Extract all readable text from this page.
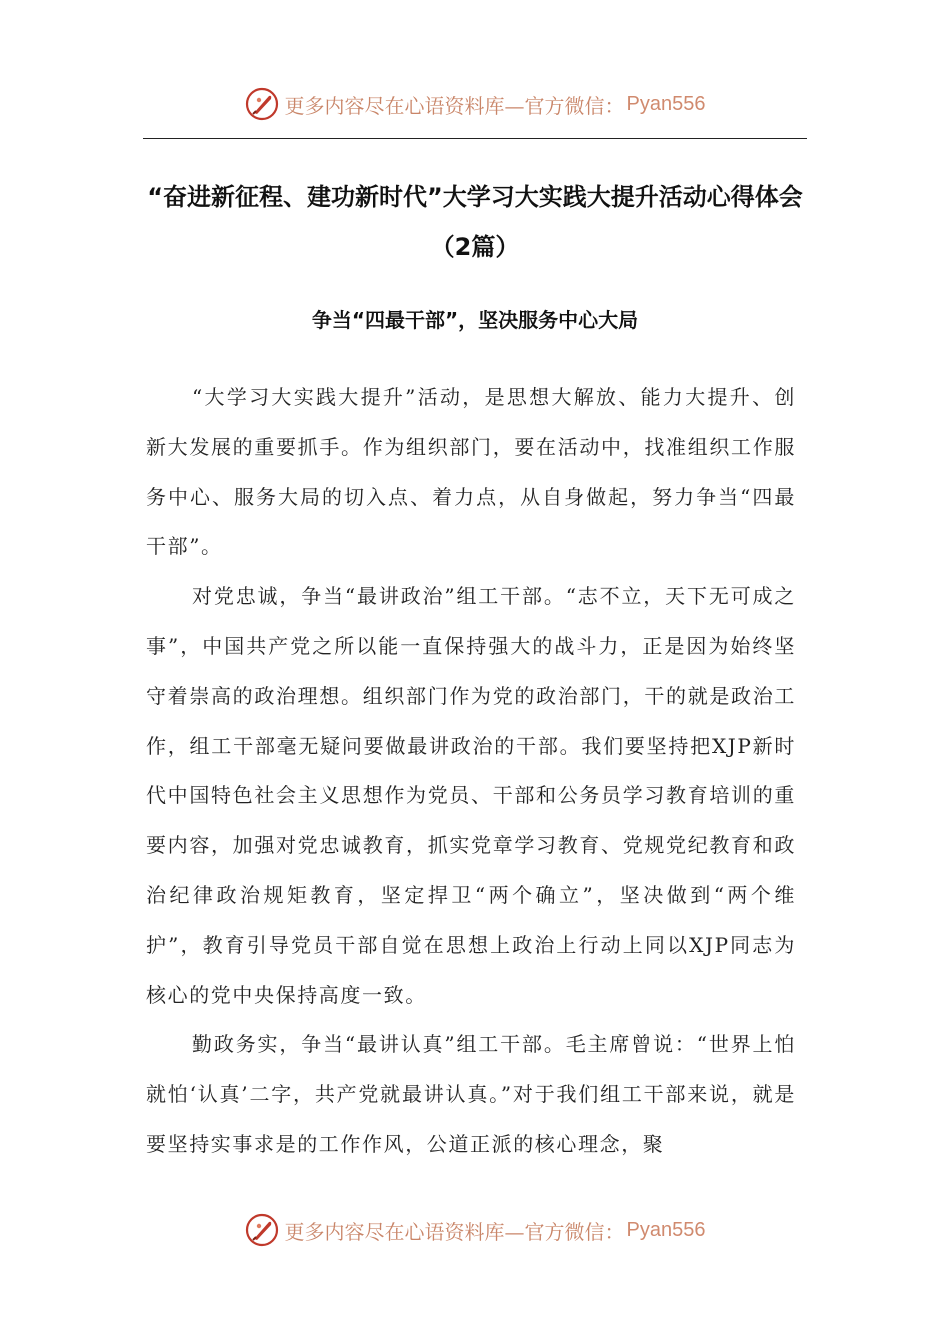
更多内容尽在心语资料库—官方微信： Pyan556
“奋进新征程、建功新时代”大学习大实践大提升活动心得体会（2篇）
争当“四最干部”，坚决服务中心大局

“大学习大实践大提升”活动，是思想大解放、能力大提升、创新大发展的重要抓手。作为组织部门，要在活动中，找准组织工作服务中心、服务大局的切入点、着力点，从自身做起，努力争当“四最干部”。

对党忠诚，争当“最讲政治”组工干部。“志不立，天下无可成之事”，中国共产党之所以能一直保持强大的战斗力，正是因为始终坚守着崇高的政治理想。组织部门作为党的政治部门，干的就是政治工作，组工干部毫无疑问要做最讲政治的干部。我们要坚持把XJP新时代中国特色社会主义思想作为党员、干部和公务员学习教育培训的重要内容，加强对党忠诚教育，抓实党章学习教育、党规党纪教育和政治纪律政治规矩教育，坚定捍卫“两个确立”，坚决做到“两个维护”，教育引导党员干部自觉在思想上政治上行动上同以XJP同志为核心的党中央保持高度一致。

勤政务实，争当“最讲认真”组工干部。毛主席曾说：“世界上怕就怕‘认真’二字，共产党就最讲认真。”对于我们组工干部来说，就是要坚持实事求是的工作作风，公道正派的核心理念，聚

更多内容尽在心语资料库—官方微信： Pyan556
